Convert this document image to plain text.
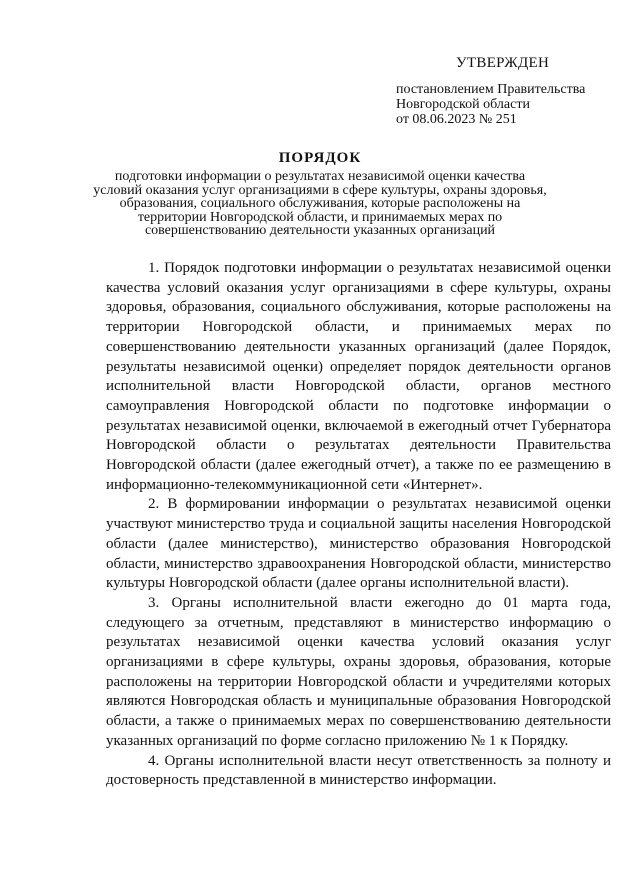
УТВЕРЖДЕН
постановлением Правительства
Новгородской области
от 08.06.2023 № 251
ПОРЯДОК
подготовки информации о результатах независимой оценки качества
условий оказания услуг организациями в сфере культуры, охраны здоровья,
образования, социального обслуживания, которые расположены на
территории Новгородской области, и принимаемых мерах по
совершенствованию деятельности указанных организаций

1. Порядок подготовки информации о результатах независимой оценки качества условий оказания услуг организациями в сфере культуры, охраны здоровья, образования, социального обслуживания, которые расположены на территории Новгородской области, и принимаемых мерах по совершенствованию деятельности указанных организаций (далее Порядок, результаты независимой оценки) определяет порядок деятельности органов исполнительной власти Новгородской области, органов местного самоуправления Новгородской области по подготовке информации о результатах независимой оценки, включаемой в ежегодный отчет Губернатора Новгородской области о результатах деятельности Правительства Новгородской области (далее ежегодный отчет), а также по ее размещению в информационно-телекоммуникационной сети «Интернет».

2. В формировании информации о результатах независимой оценки участвуют министерство труда и социальной защиты населения Новгородской области (далее министерство), министерство образования Новгородской области, министерство здравоохранения Новгородской области, министерство культуры Новгородской области (далее органы исполнительной власти).

3. Органы исполнительной власти ежегодно до 01 марта года, следующего за отчетным, представляют в министерство информацию о результатах независимой оценки качества условий оказания услуг организациями в сфере культуры, охраны здоровья, образования, которые расположены на территории Новгородской области и учредителями которых являются Новгородская область и муниципальные образования Новгородской области, а также о принимаемых мерах по совершенствованию деятельности указанных организаций по форме согласно приложению № 1 к Порядку.

4. Органы исполнительной власти несут ответственность за полноту и достоверность представленной в министерство информации.
